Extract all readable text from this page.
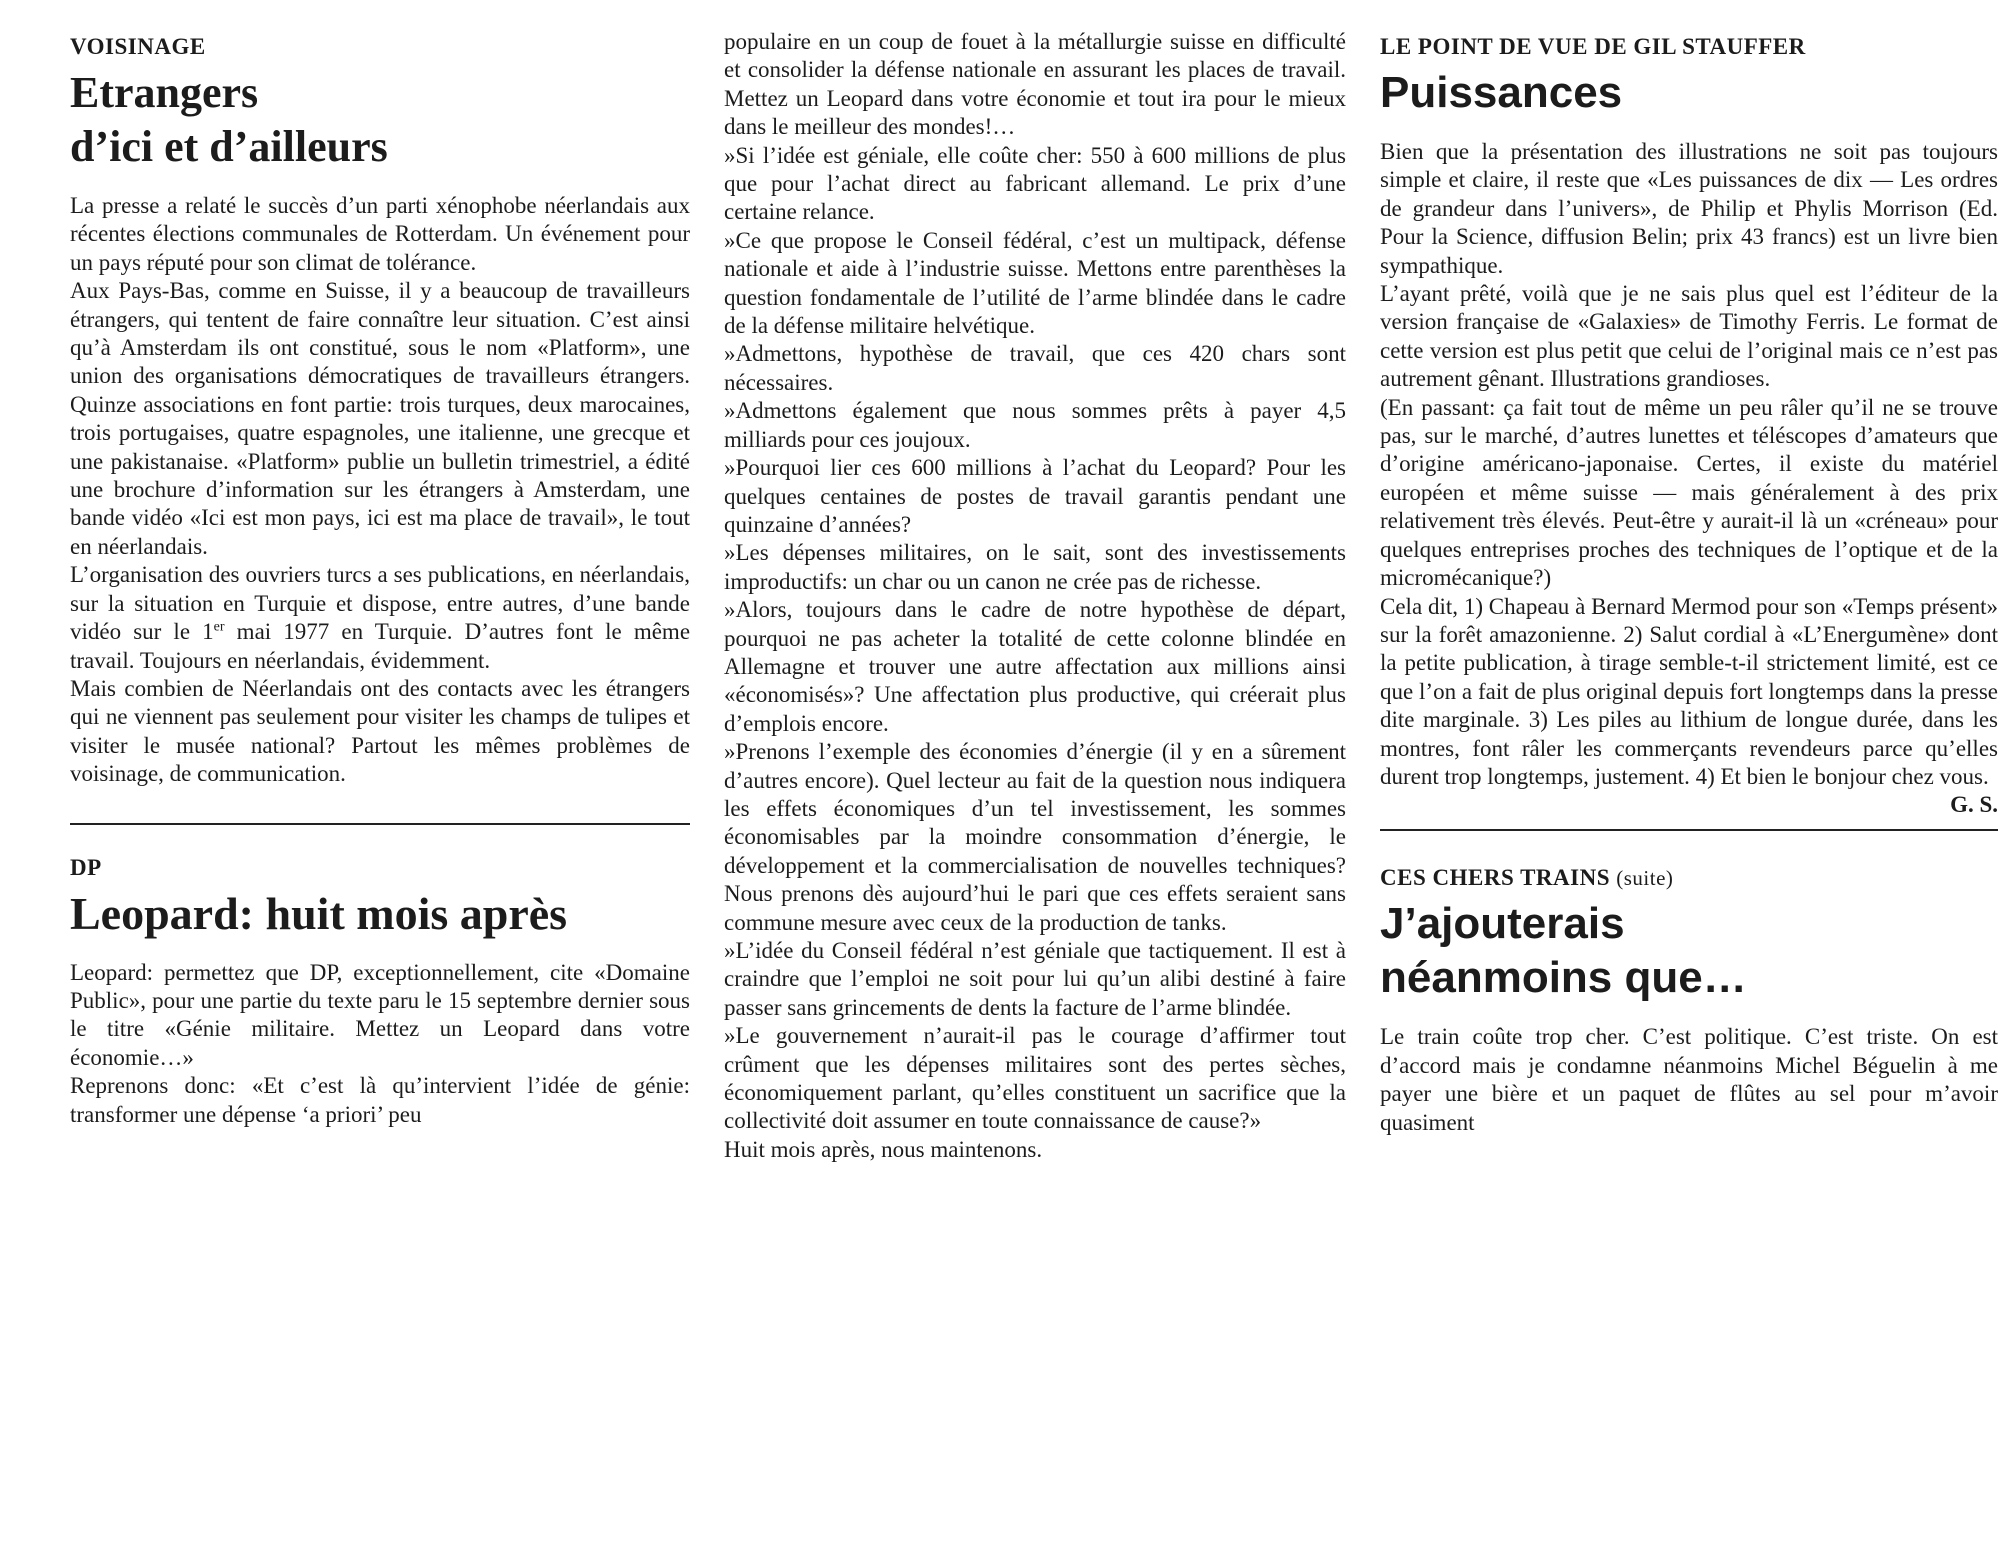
VOISINAGE
Etrangers
d’ici et d’ailleurs

La presse a relaté le succès d’un parti xénophobe néerlandais aux récentes élections communales de Rotterdam. Un événement pour un pays réputé pour son climat de tolérance.

Aux Pays-Bas, comme en Suisse, il y a beaucoup de travailleurs étrangers, qui tentent de faire connaître leur situation. C’est ainsi qu’à Amsterdam ils ont constitué, sous le nom «Platform», une union des organisations démocratiques de travailleurs étrangers. Quinze associations en font partie: trois turques, deux marocaines, trois portugaises, quatre espagnoles, une italienne, une grecque et une pakistanaise. «Platform» publie un bulletin trimestriel, a édité une brochure d’information sur les étrangers à Amsterdam, une bande vidéo «Ici est mon pays, ici est ma place de travail», le tout en néerlandais.

L’organisation des ouvriers turcs a ses publications, en néerlandais, sur la situation en Turquie et dispose, entre autres, d’une bande vidéo sur le 1er mai 1977 en Turquie. D’autres font le même travail. Toujours en néerlandais, évidemment.

Mais combien de Néerlandais ont des contacts avec les étrangers qui ne viennent pas seulement pour visiter les champs de tulipes et visiter le musée national? Partout les mêmes problèmes de voisinage, de communication.

DP
Leopard: huit mois après

Leopard: permettez que DP, exceptionnellement, cite «Domaine Public», pour une partie du texte paru le 15 septembre dernier sous le titre «Génie militaire. Mettez un Leopard dans votre économie…»

Reprenons donc: «Et c’est là qu’intervient l’idée de génie: transformer une dépense ‘a priori’ peu

populaire en un coup de fouet à la métallurgie suisse en difficulté et consolider la défense nationale en assurant les places de travail. Mettez un Leopard dans votre économie et tout ira pour le mieux dans le meilleur des mondes!…

»Si l’idée est géniale, elle coûte cher: 550 à 600 millions de plus que pour l’achat direct au fabricant allemand. Le prix d’une certaine relance.

»Ce que propose le Conseil fédéral, c’est un multipack, défense nationale et aide à l’industrie suisse. Mettons entre parenthèses la question fondamentale de l’utilité de l’arme blindée dans le cadre de la défense militaire helvétique.

»Admettons, hypothèse de travail, que ces 420 chars sont nécessaires.

»Admettons également que nous sommes prêts à payer 4,5 milliards pour ces joujoux.

»Pourquoi lier ces 600 millions à l’achat du Leopard? Pour les quelques centaines de postes de travail garantis pendant une quinzaine d’années?

»Les dépenses militaires, on le sait, sont des investissements improductifs: un char ou un canon ne crée pas de richesse.

»Alors, toujours dans le cadre de notre hypothèse de départ, pourquoi ne pas acheter la totalité de cette colonne blindée en Allemagne et trouver une autre affectation aux millions ainsi «économisés»? Une affectation plus productive, qui créerait plus d’emplois encore.

»Prenons l’exemple des économies d’énergie (il y en a sûrement d’autres encore). Quel lecteur au fait de la question nous indiquera les effets économiques d’un tel investissement, les sommes économisables par la moindre consommation d’énergie, le développement et la commercialisation de nouvelles techniques? Nous prenons dès aujourd’hui le pari que ces effets seraient sans commune mesure avec ceux de la production de tanks.

»L’idée du Conseil fédéral n’est géniale que tactiquement. Il est à craindre que l’emploi ne soit pour lui qu’un alibi destiné à faire passer sans grincements de dents la facture de l’arme blindée.

»Le gouvernement n’aurait-il pas le courage d’affirmer tout crûment que les dépenses militaires sont des pertes sèches, économiquement parlant, qu’elles constituent un sacrifice que la collectivité doit assumer en toute connaissance de cause?»

Huit mois après, nous maintenons.

LE POINT DE VUE DE GIL STAUFFER
Puissances

Bien que la présentation des illustrations ne soit pas toujours simple et claire, il reste que «Les puissances de dix — Les ordres de grandeur dans l’univers», de Philip et Phylis Morrison (Ed. Pour la Science, diffusion Belin; prix 43 francs) est un livre bien sympathique.

L’ayant prêté, voilà que je ne sais plus quel est l’éditeur de la version française de «Galaxies» de Timothy Ferris. Le format de cette version est plus petit que celui de l’original mais ce n’est pas autrement gênant. Illustrations grandioses.

(En passant: ça fait tout de même un peu râler qu’il ne se trouve pas, sur le marché, d’autres lunettes et téléscopes d’amateurs que d’origine américano-japonaise. Certes, il existe du matériel européen et même suisse — mais généralement à des prix relativement très élevés. Peut-être y aurait-il là un «créneau» pour quelques entreprises proches des techniques de l’optique et de la micromécanique?)

Cela dit, 1) Chapeau à Bernard Mermod pour son «Temps présent» sur la forêt amazonienne. 2) Salut cordial à «L’Energumène» dont la petite publication, à tirage semble-t-il strictement limité, est ce que l’on a fait de plus original depuis fort longtemps dans la presse dite marginale. 3) Les piles au lithium de longue durée, dans les montres, font râler les commerçants revendeurs parce qu’elles durent trop longtemps, justement. 4) Et bien le bonjour chez vous.
G. S.

CES CHERS TRAINS (suite)
J’ajouterais
néanmoins que…

Le train coûte trop cher. C’est politique. C’est triste. On est d’accord mais je condamne néanmoins Michel Béguelin à me payer une bière et un paquet de flûtes au sel pour m’avoir quasiment
